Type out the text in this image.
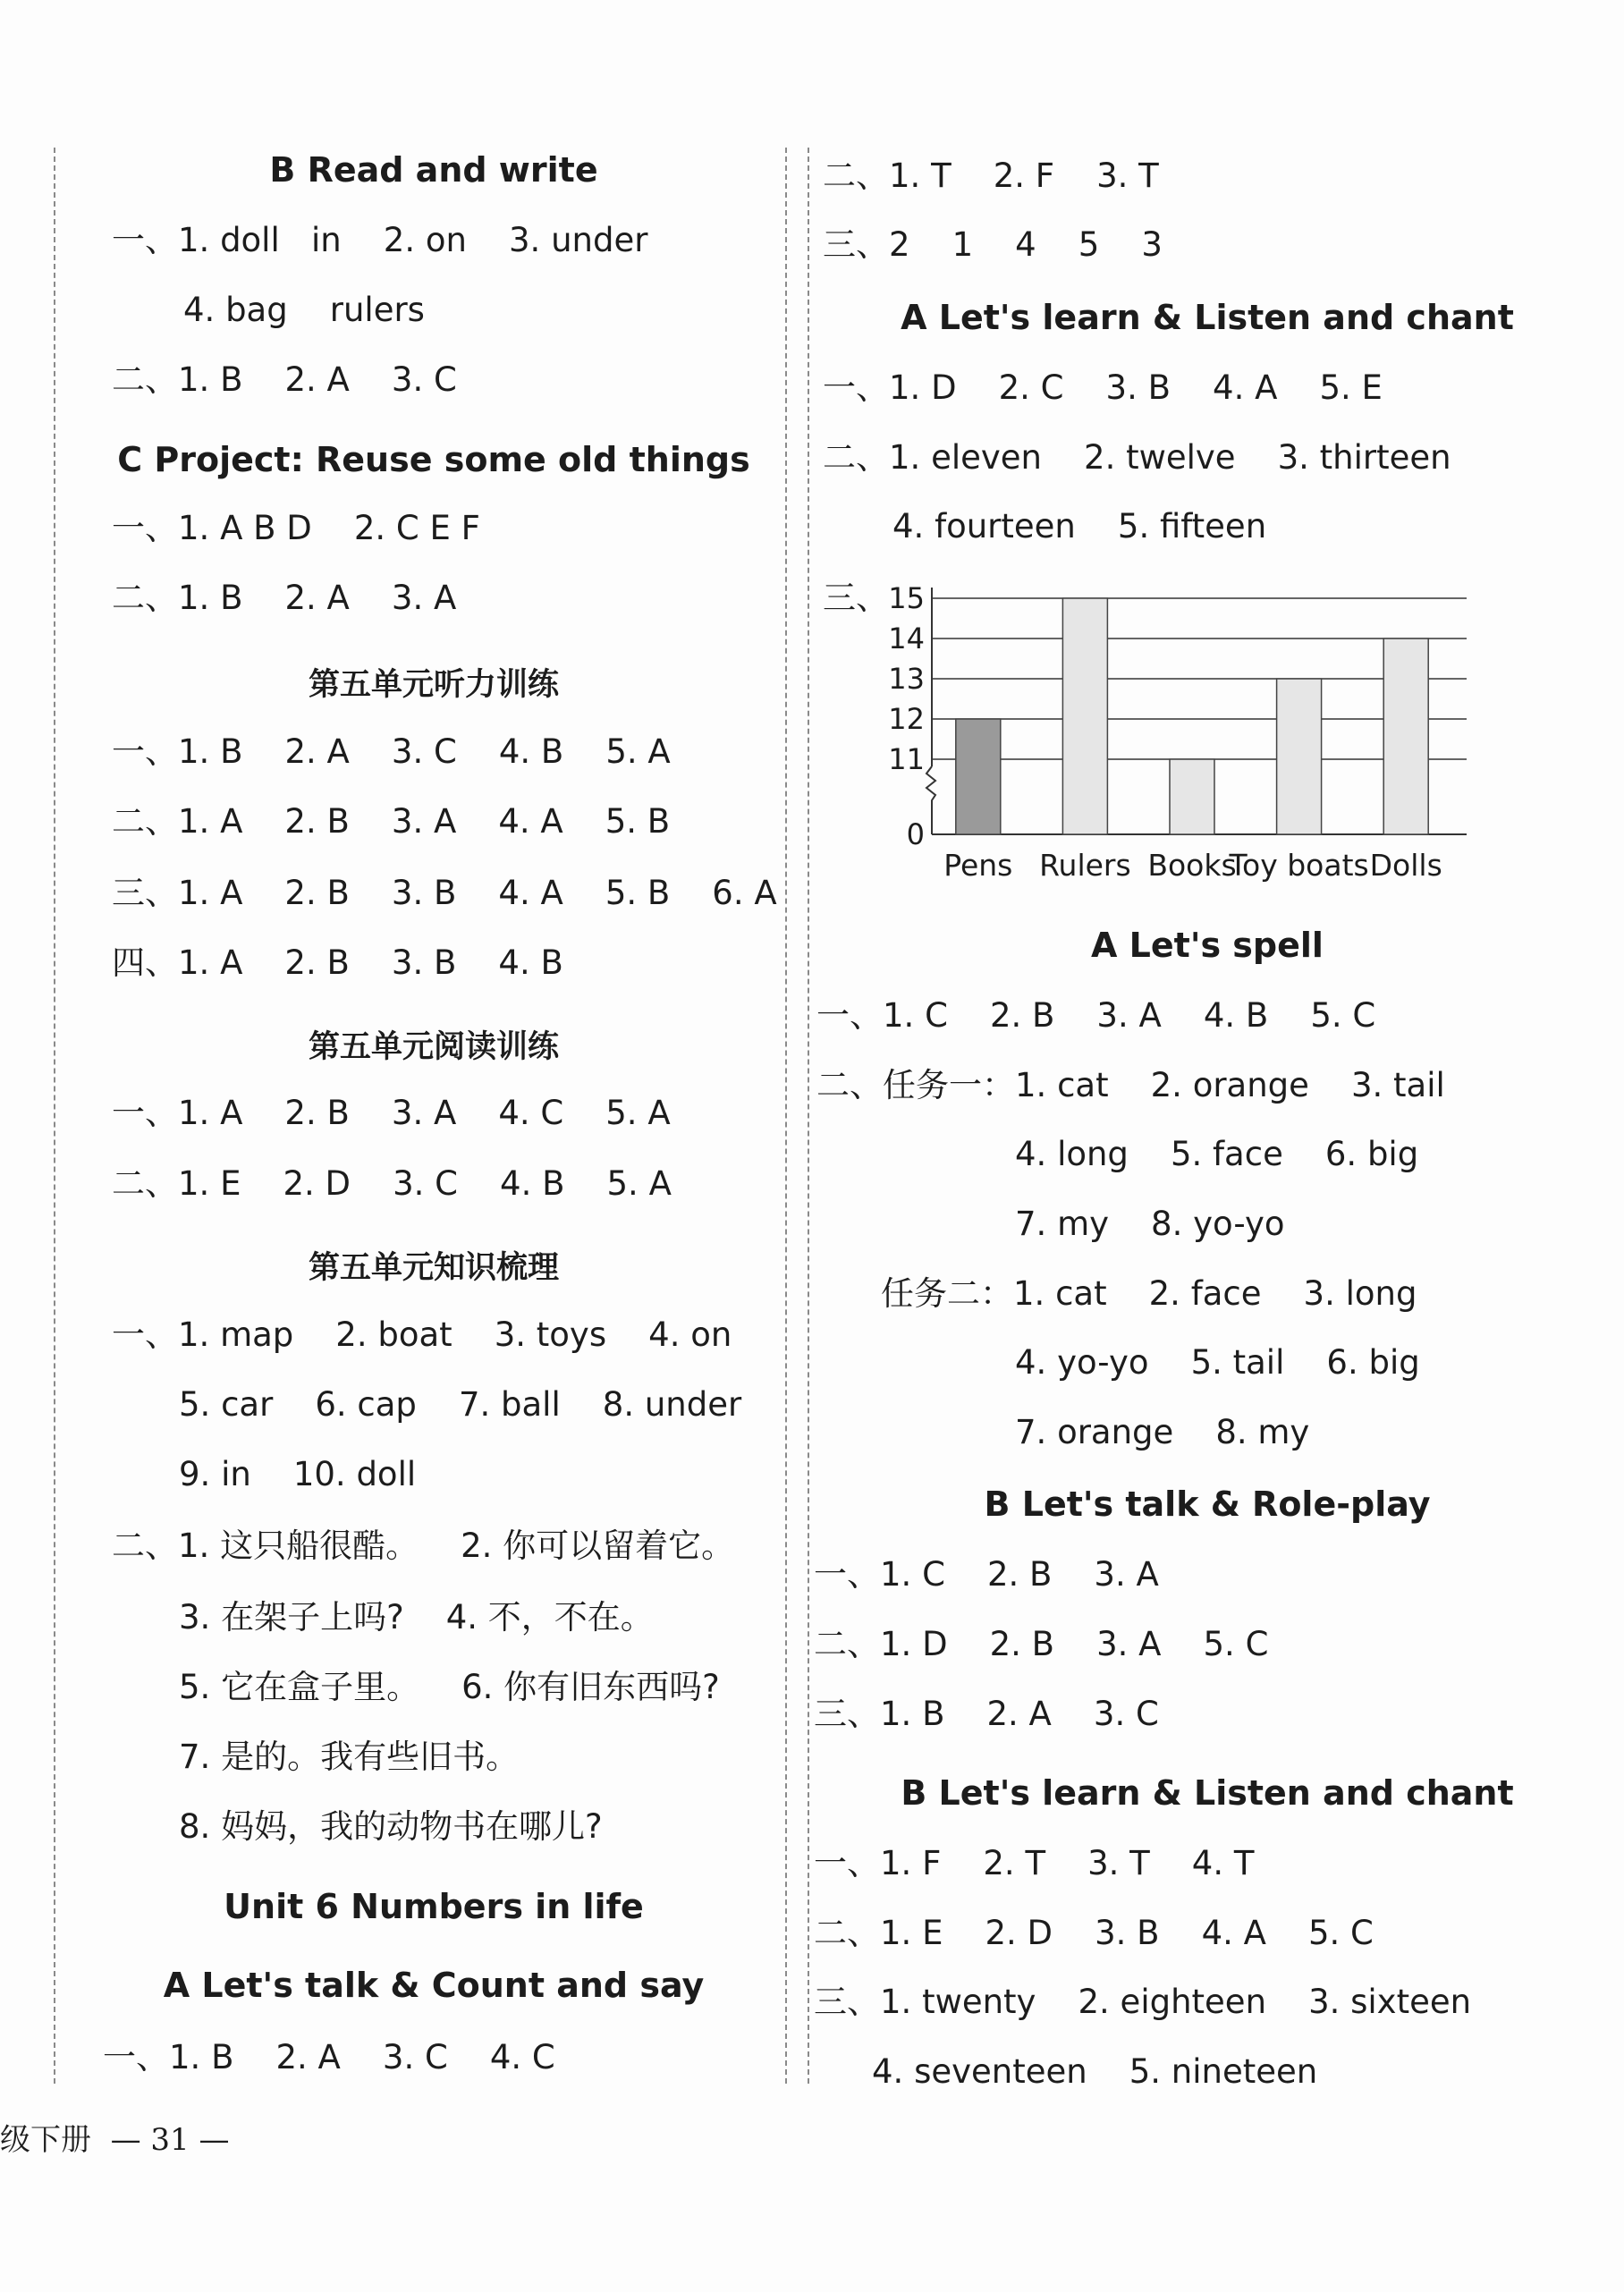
B Read and write
一、1. doll   in    2. on    3. under
4. bag    rulers
二、1. B    2. A    3. C
C Project: Reuse some old things
一、1. A B D    2. C E F
二、1. B    2. A    3. A
第五单元听力训练
一、1. B    2. A    3. C    4. B    5. A
二、1. A    2. B    3. A    4. A    5. B
三、1. A    2. B    3. B    4. A    5. B    6. A
四、1. A    2. B    3. B    4. B
第五单元阅读训练
一、1. A    2. B    3. A    4. C    5. A
二、1. E    2. D    3. C    4. B    5. A
第五单元知识梳理
一、1. map    2. boat    3. toys    4. on
5. car    6. cap    7. ball    8. under
9. in    10. doll
二、1. 这只船很酷。    2. 你可以留着它。
3. 在架子上吗?    4. 不，不在。
5. 它在盒子里。    6. 你有旧东西吗?
7. 是的。我有些旧书。
8. 妈妈，我的动物书在哪儿?
Unit 6 Numbers in life
A Let's talk & Count and say
一、1. B    2. A    3. C    4. C
二、1. T    2. F    3. T
三、2    1    4    5    3
A Let's learn & Listen and chant
一、1. D    2. C    3. B    4. A    5. E
二、1. eleven    2. twelve    3. thirteen
4. fourteen    5. fifteen
三、
A Let's spell
一、1. C    2. B    3. A    4. B    5. C
二、任务一：1. cat    2. orange    3. tail
4. long    5. face    6. big
7. my    8. yo-yo
任务二：1. cat    2. face    3. long
4. yo-yo    5. tail    6. big
7. orange    8. my
B Let's talk & Role-play
一、1. C    2. B    3. A
二、1. D    2. B    3. A    5. C
三、1. B    2. A    3. C
B Let's learn & Listen and chant
一、1. F    2. T    3. T    4. T
二、1. E    2. D    3. B    4. A    5. C
三、1. twenty    2. eighteen    3. sixteen
4. seventeen    5. nineteen
0
11
12
13
14
15
Pens Rulers Books
Toy boats Dolls
级下册  — 31 —
